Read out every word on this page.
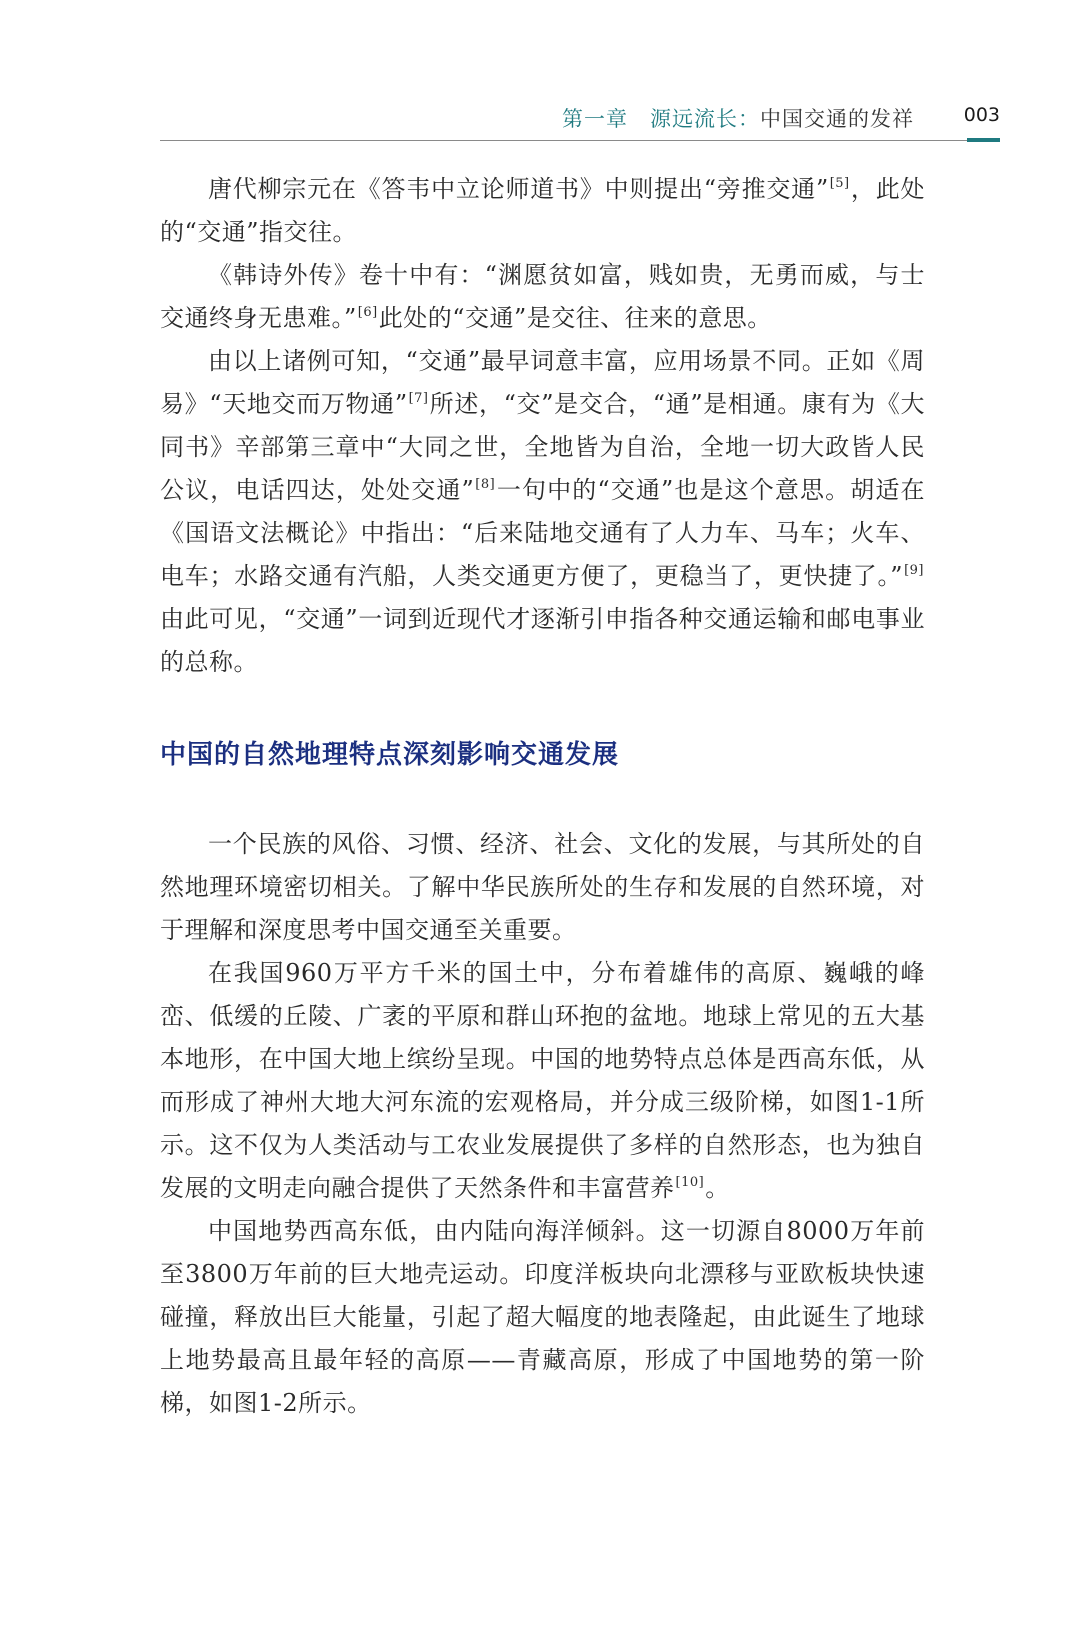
第一章 源远流长：中国交通的发祥	003

唐代柳宗元在《答韦中立论师道书》中则提出“旁推交通”[5]，此处的“交通”指交往。

《韩诗外传》卷十中有：“渊愿贫如富，贱如贵，无勇而威，与士交通终身无患难。”[6]此处的“交通”是交往、往来的意思。

由以上诸例可知，“交通”最早词意丰富，应用场景不同。正如《周易》“天地交而万物通”[7]所述，“交”是交合，“通”是相通。康有为《大同书》辛部第三章中“大同之世，全地皆为自治，全地一切大政皆人民公议，电话四达，处处交通”[8]一句中的“交通”也是这个意思。胡适在《国语文法概论》中指出：“后来陆地交通有了人力车、马车；火车、电车；水路交通有汽船，人类交通更方便了，更稳当了，更快捷了。”[9]由此可见，“交通”一词到近现代才逐渐引申指各种交通运输和邮电事业的总称。

中国的自然地理特点深刻影响交通发展

一个民族的风俗、习惯、经济、社会、文化的发展，与其所处的自然地理环境密切相关。了解中华民族所处的生存和发展的自然环境，对于理解和深度思考中国交通至关重要。

在我国960万平方千米的国土中，分布着雄伟的高原、巍峨的峰峦、低缓的丘陵、广袤的平原和群山环抱的盆地。地球上常见的五大基本地形，在中国大地上缤纷呈现。中国的地势特点总体是西高东低，从而形成了神州大地大河东流的宏观格局，并分成三级阶梯，如图1-1所示。这不仅为人类活动与工农业发展提供了多样的自然形态，也为独自发展的文明走向融合提供了天然条件和丰富营养[10]。

中国地势西高东低，由内陆向海洋倾斜。这一切源自8000万年前至3800万年前的巨大地壳运动。印度洋板块向北漂移与亚欧板块快速碰撞，释放出巨大能量，引起了超大幅度的地表隆起，由此诞生了地球上地势最高且最年轻的高原——青藏高原，形成了中国地势的第一阶梯，如图1-2所示。
